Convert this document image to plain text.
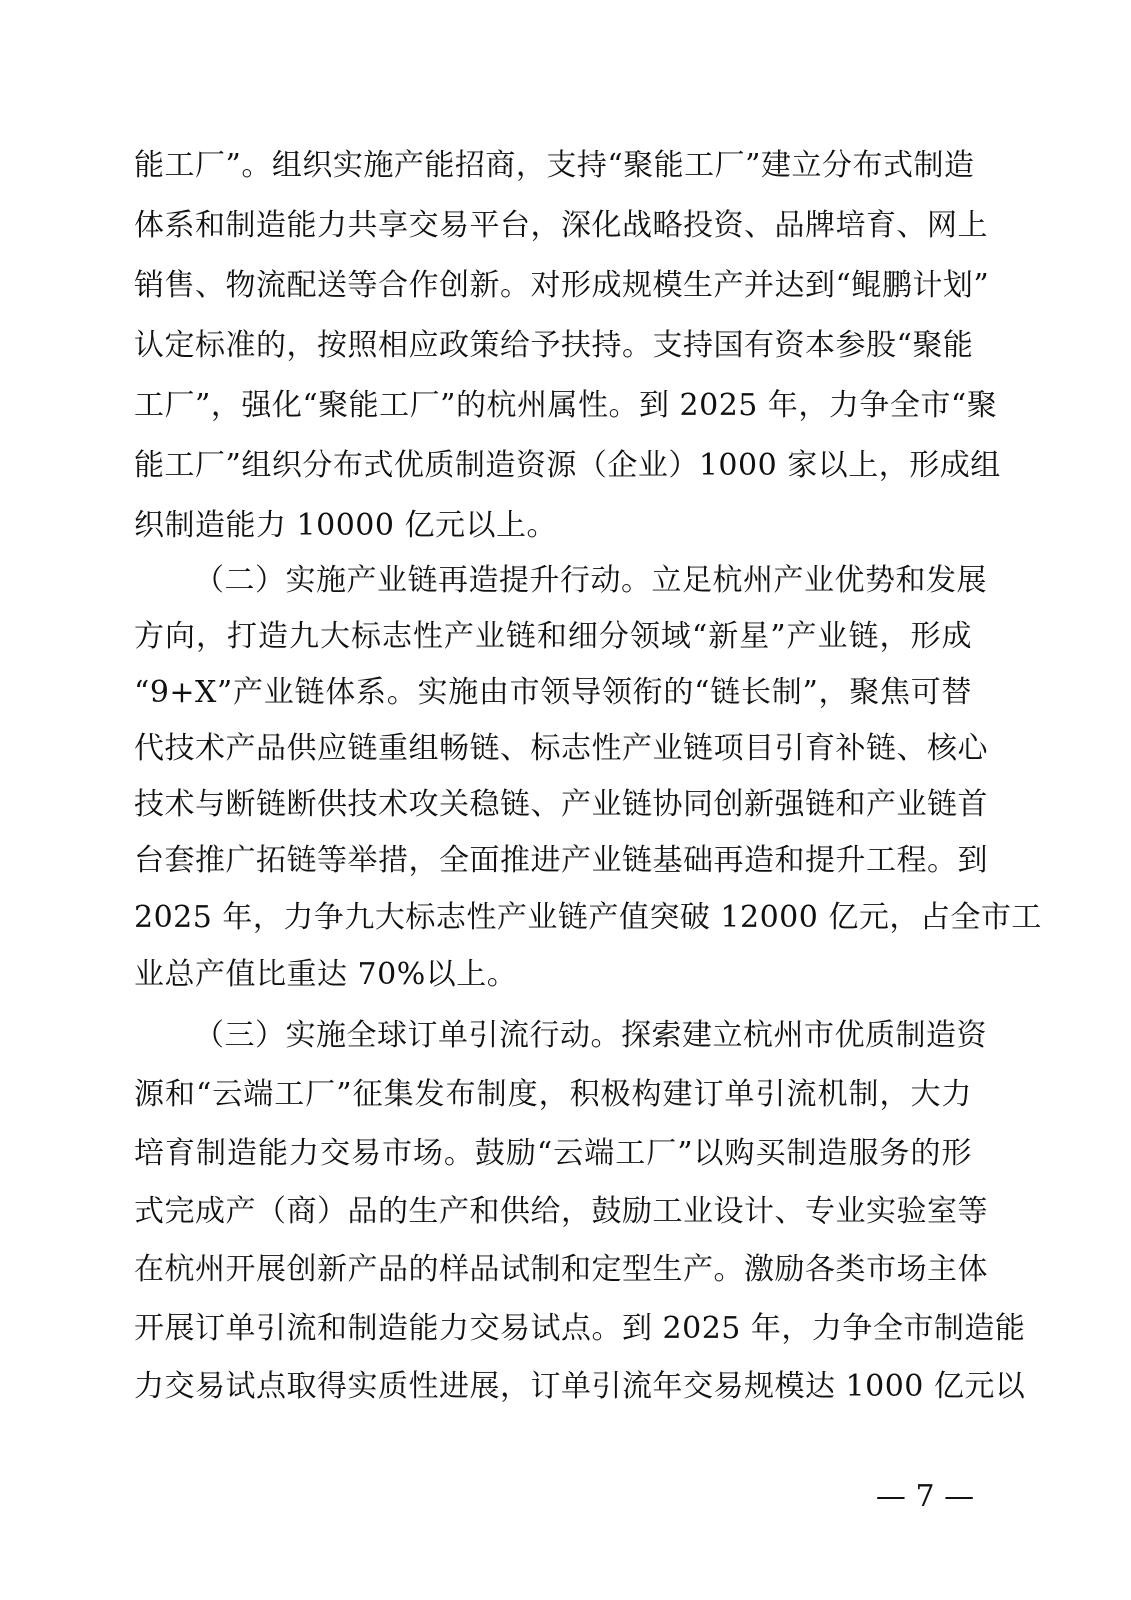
能工厂”。组织实施产能招商，支持“聚能工厂”建立分布式制造
体系和制造能力共享交易平台，深化战略投资、品牌培育、网上
销售、物流配送等合作创新。对形成规模生产并达到“鲲鹏计划”
认定标准的，按照相应政策给予扶持。支持国有资本参股“聚能
工厂”，强化“聚能工厂”的杭州属性。到 2025 年，力争全市“聚
能工厂”组织分布式优质制造资源（企业）1000 家以上，形成组
织制造能力 10000 亿元以上。
（二）实施产业链再造提升行动。立足杭州产业优势和发展
方向，打造九大标志性产业链和细分领域“新星”产业链，形成
“9+X”产业链体系。实施由市领导领衔的“链长制”，聚焦可替
代技术产品供应链重组畅链、标志性产业链项目引育补链、核心
技术与断链断供技术攻关稳链、产业链协同创新强链和产业链首
台套推广拓链等举措，全面推进产业链基础再造和提升工程。到
2025 年，力争九大标志性产业链产值突破 12000 亿元，占全市工
业总产值比重达 70%以上。
（三）实施全球订单引流行动。探索建立杭州市优质制造资
源和“云端工厂”征集发布制度，积极构建订单引流机制，大力
培育制造能力交易市场。鼓励“云端工厂”以购买制造服务的形
式完成产（商）品的生产和供给，鼓励工业设计、专业实验室等
在杭州开展创新产品的样品试制和定型生产。激励各类市场主体
开展订单引流和制造能力交易试点。到 2025 年，力争全市制造能
力交易试点取得实质性进展，订单引流年交易规模达 1000 亿元以
— 7 —
